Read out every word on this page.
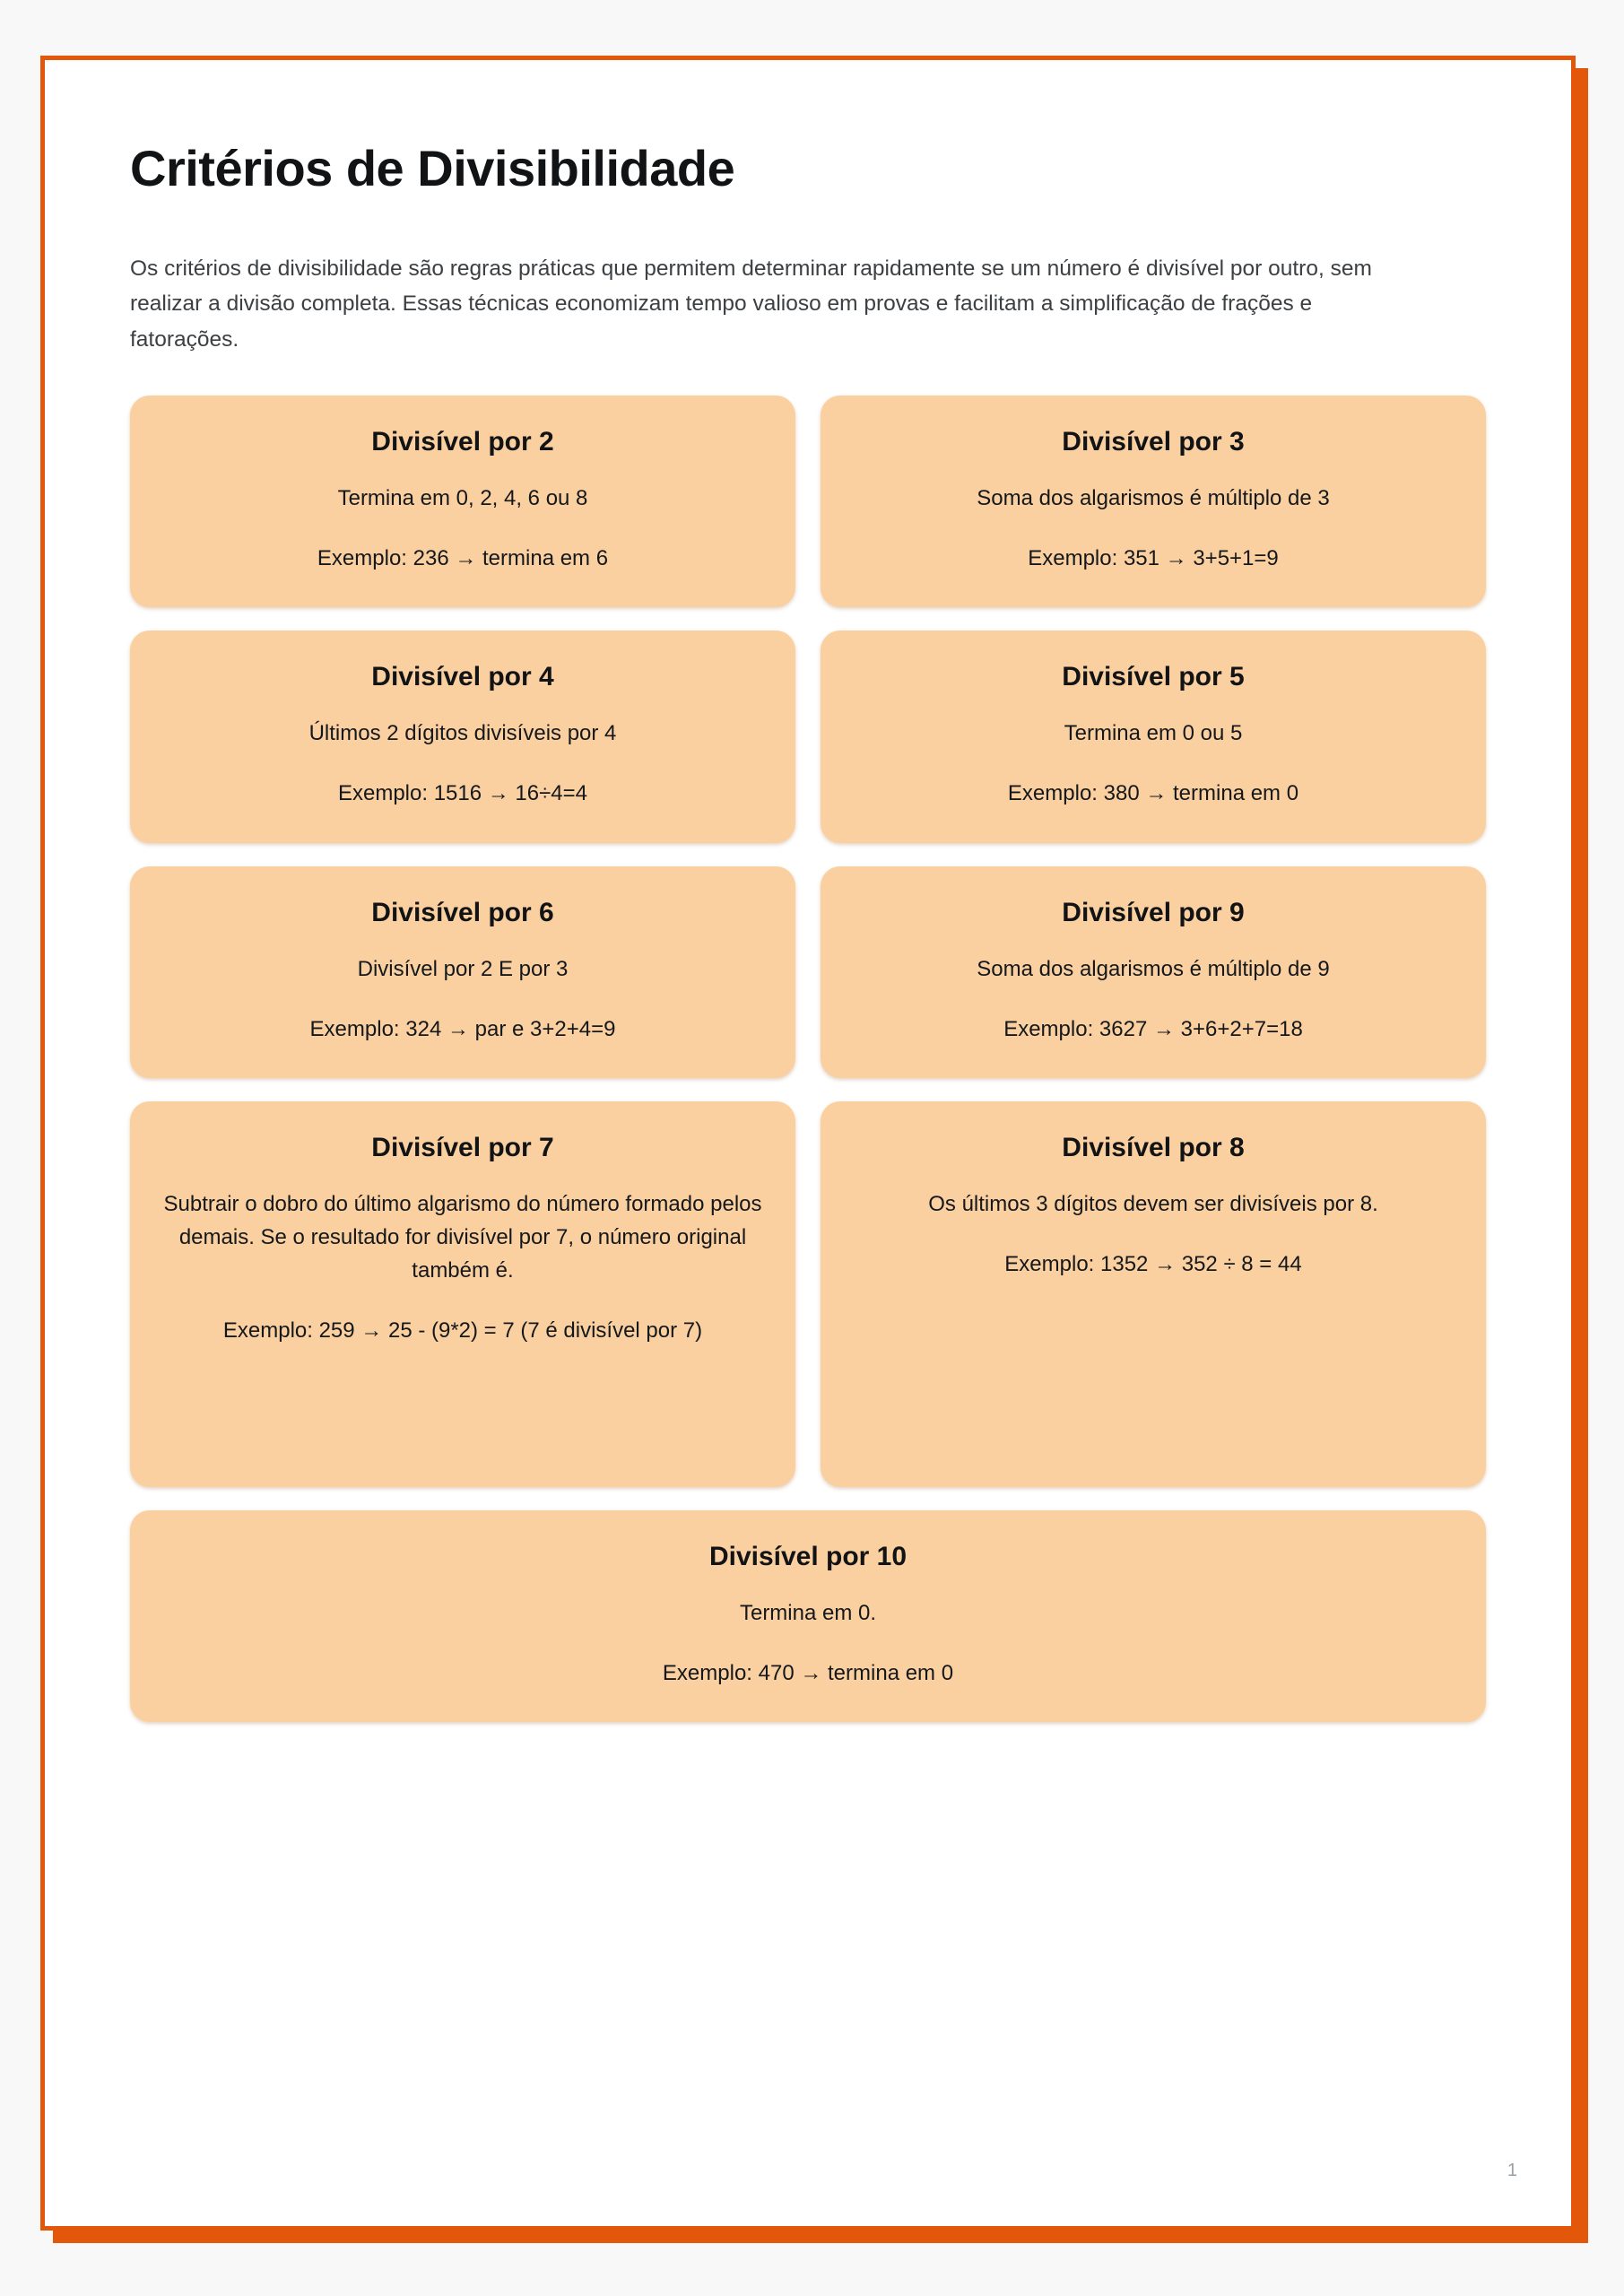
Critérios de Divisibilidade

Os critérios de divisibilidade são regras práticas que permitem determinar rapidamente se um número é divisível por outro, sem realizar a divisão completa. Essas técnicas economizam tempo valioso em provas e facilitam a simplificação de frações e fatorações.

Divisível por 2

Termina em 0, 2, 4, 6 ou 8

Exemplo: 236 → termina em 6

Divisível por 3

Soma dos algarismos é múltiplo de 3

Exemplo: 351 → 3+5+1=9

Divisível por 4

Últimos 2 dígitos divisíveis por 4

Exemplo: 1516 → 16÷4=4

Divisível por 5

Termina em 0 ou 5

Exemplo: 380 → termina em 0

Divisível por 6

Divisível por 2 E por 3

Exemplo: 324 → par e 3+2+4=9

Divisível por 9

Soma dos algarismos é múltiplo de 9

Exemplo: 3627 → 3+6+2+7=18

Divisível por 7

Subtrair o dobro do último algarismo do número formado pelos demais. Se o resultado for divisível por 7, o número original também é.

Exemplo: 259 → 25 - (9*2) = 7 (7 é divisível por 7)

Divisível por 8

Os últimos 3 dígitos devem ser divisíveis por 8.

Exemplo: 1352 → 352 ÷ 8 = 44

Divisível por 10

Termina em 0.

Exemplo: 470 → termina em 0

1
